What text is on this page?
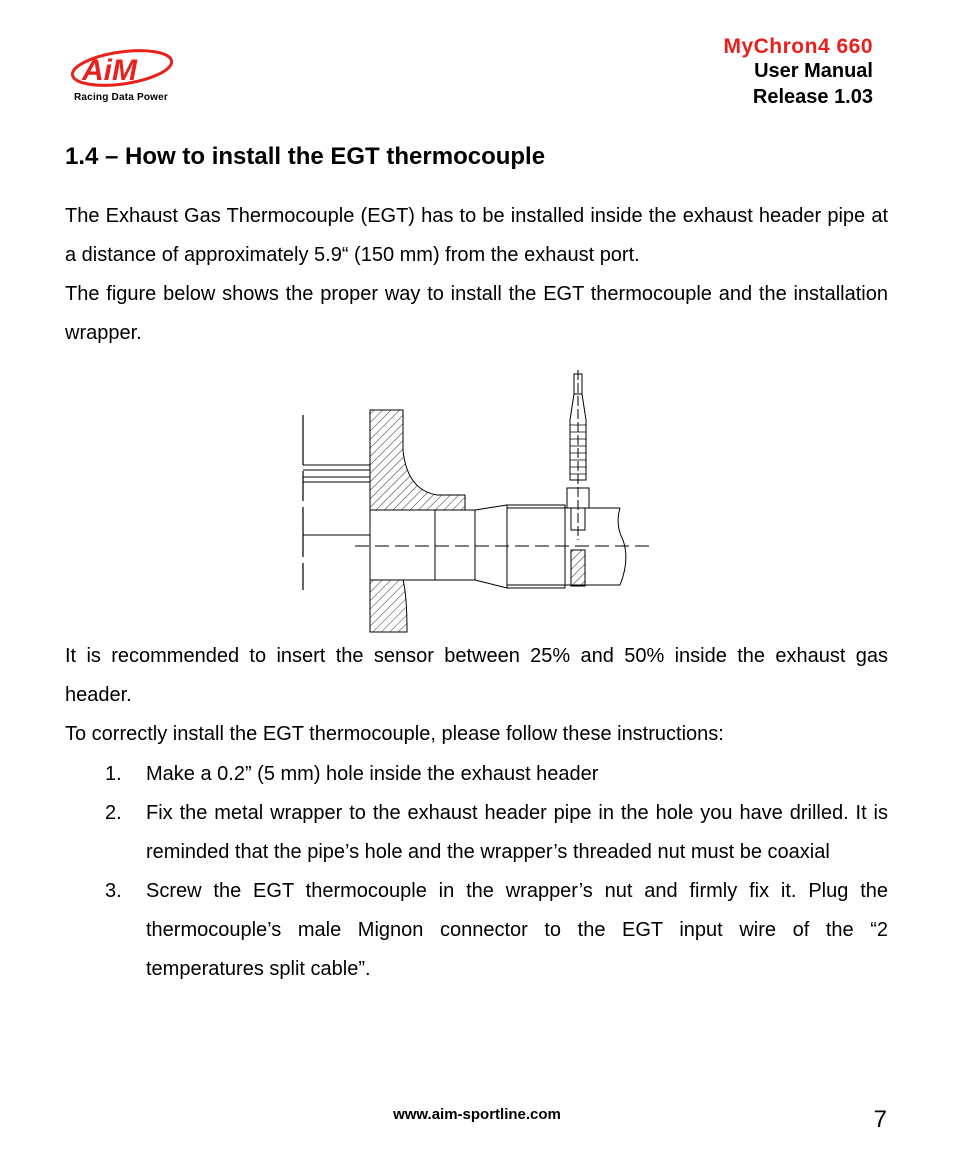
AiM
Racing Data Power
MyChron4 660
User Manual
Release 1.03
1.4 – How to install the EGT thermocouple
The Exhaust Gas Thermocouple (EGT) has to be installed inside the exhaust header pipe at a distance of approximately 5.9“ (150 mm) from the exhaust port.
The figure below shows the proper way to install the EGT thermocouple and the installation wrapper.
It is recommended to insert the sensor between 25% and 50% inside the exhaust gas header.
To correctly install the EGT thermocouple, please follow these instructions:
1. Make a 0.2” (5 mm) hole inside the exhaust header
2. Fix the metal wrapper to the exhaust header pipe in the hole you have drilled. It is reminded that the pipe’s hole and the wrapper’s threaded nut must be coaxial
3. Screw the EGT thermocouple in the wrapper’s nut and firmly fix it. Plug the thermocouple’s male Mignon connector to the EGT input wire of the “2 temperatures split cable”.
www.aim-sportline.com	7
